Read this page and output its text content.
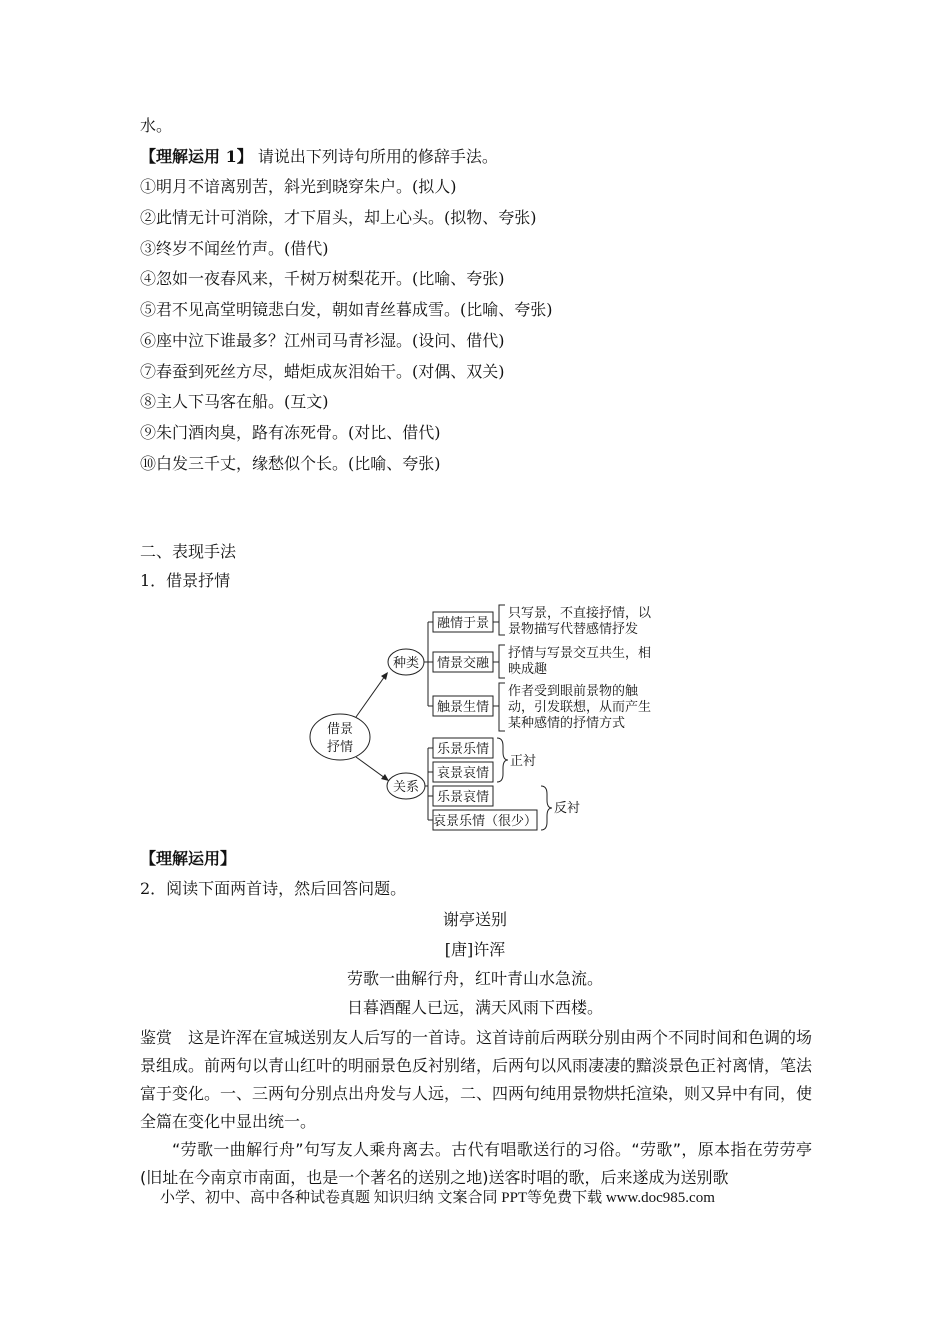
水。
【理解运用 1】 请说出下列诗句所用的修辞手法。
①明月不谙离别苦，斜光到晓穿朱户。(拟人)
②此情无计可消除，才下眉头，却上心头。(拟物、夸张)
③终岁不闻丝竹声。(借代)
④忽如一夜春风来，千树万树梨花开。(比喻、夸张)
⑤君不见高堂明镜悲白发，朝如青丝暮成雪。(比喻、夸张)
⑥座中泣下谁最多？江州司马青衫湿。(设问、借代)
⑦春蚕到死丝方尽，蜡炬成灰泪始干。(对偶、双关)
⑧主人下马客在船。(互文)
⑨朱门酒肉臭，路有冻死骨。(对比、借代)
⑩白发三千丈，缘愁似个长。(比喻、夸张)
二、表现手法
1．借景抒情
借景
抒情
种类
关系
融情于景
情景交融
触景生情
只写景，不直接抒情，以
景物描写代替感情抒发
抒情与写景交互共生，相
映成趣
作者受到眼前景物的触
动，引发联想，从而产生
某种感情的抒情方式
乐景乐情
哀景哀情
乐景哀情
哀景乐情（很少）
正衬
反衬
【理解运用】
2．阅读下面两首诗，然后回答问题。
谢亭送别
[唐]许浑
劳歌一曲解行舟，红叶青山水急流。
日暮酒醒人已远，满天风雨下西楼。

鉴赏　这是许浑在宣城送别友人后写的一首诗。这首诗前后两联分别由两个不同时间和色调的场景组成。前两句以青山红叶的明丽景色反衬别绪，后两句以风雨凄凄的黯淡景色正衬离情，笔法富于变化。一、三两句分别点出舟发与人远，二、四两句纯用景物烘托渲染，则又异中有同，使全篇在变化中显出统一。

“劳歌一曲解行舟”句写友人乘舟离去。古代有唱歌送行的习俗。“劳歌”，原本指在劳劳亭(旧址在今南京市南面，也是一个著名的送别之地)送客时唱的歌，后来遂成为送别歌

小学、初中、高中各种试卷真题 知识归纳 文案合同 PPT等免费下载 www.doc985.com
